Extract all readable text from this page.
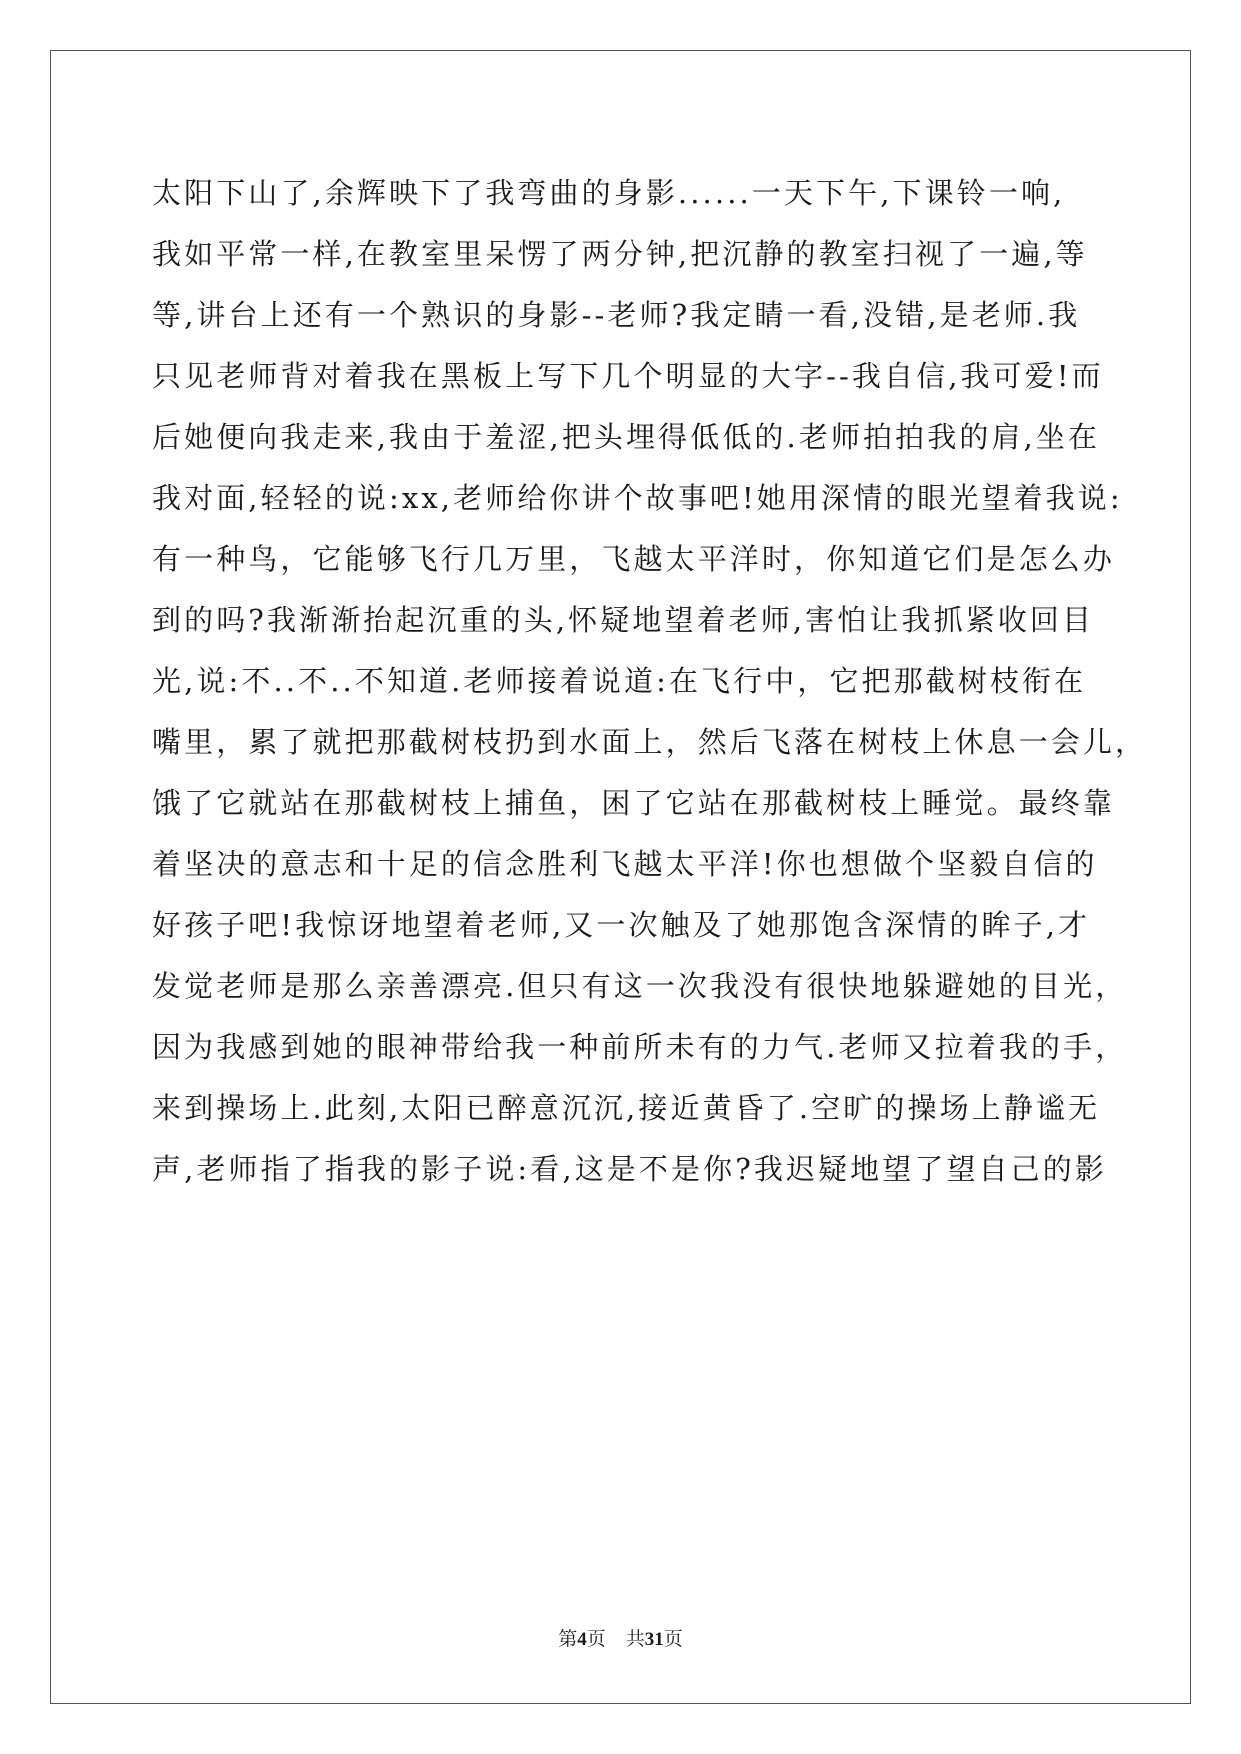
太阳下山了,余辉映下了我弯曲的身影......一天下午,下课铃一响,
我如平常一样,在教室里呆愣了两分钟,把沉静的教室扫视了一遍,等
等,讲台上还有一个熟识的身影--老师?我定睛一看,没错,是老师.我
只见老师背对着我在黑板上写下几个明显的大字--我自信,我可爱!而
后她便向我走来,我由于羞涩,把头埋得低低的.老师拍拍我的肩,坐在
我对面,轻轻的说:xx,老师给你讲个故事吧!她用深情的眼光望着我说:
有一种鸟，它能够飞行几万里，飞越太平洋时，你知道它们是怎么办
到的吗?我渐渐抬起沉重的头,怀疑地望着老师,害怕让我抓紧收回目
光,说:不..不..不知道.老师接着说道:在飞行中，它把那截树枝衔在
嘴里，累了就把那截树枝扔到水面上，然后飞落在树枝上休息一会儿，
饿了它就站在那截树枝上捕鱼，困了它站在那截树枝上睡觉。最终靠
着坚决的意志和十足的信念胜利飞越太平洋!你也想做个坚毅自信的
好孩子吧!我惊讶地望着老师,又一次触及了她那饱含深情的眸子,才
发觉老师是那么亲善漂亮.但只有这一次我没有很快地躲避她的目光，
因为我感到她的眼神带给我一种前所未有的力气.老师又拉着我的手，
来到操场上.此刻,太阳已醉意沉沉,接近黄昏了.空旷的操场上静谧无
声,老师指了指我的影子说:看,这是不是你?我迟疑地望了望自己的影
第4页 共31页
